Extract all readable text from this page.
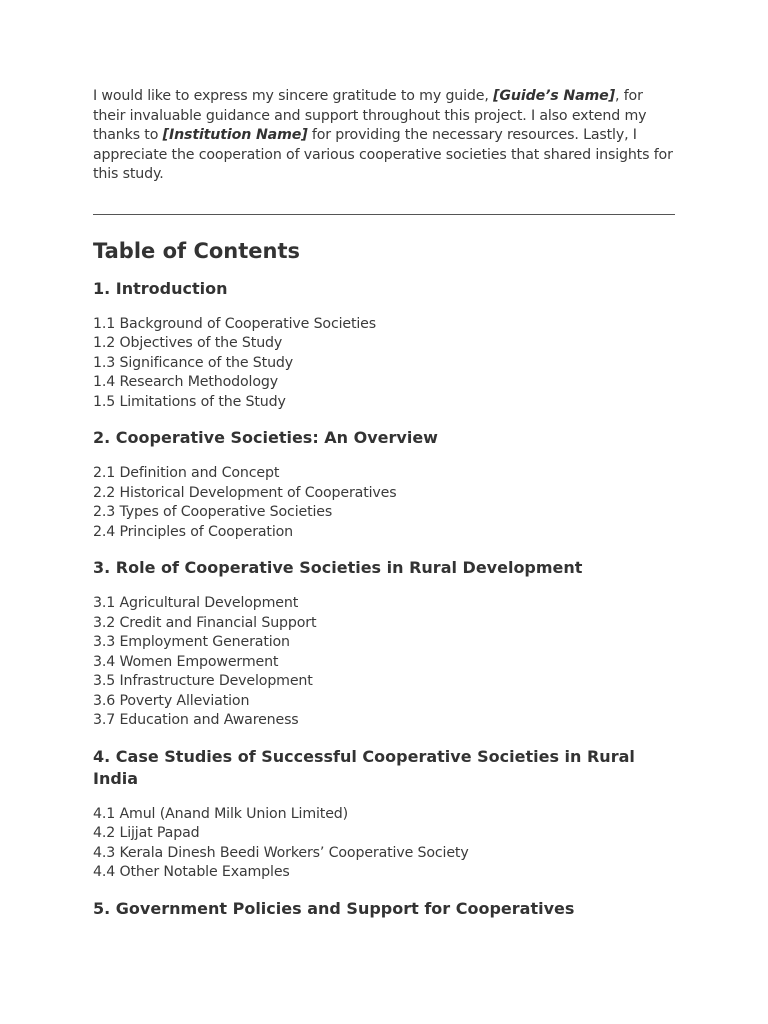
I would like to express my sincere gratitude to my guide, [Guide’s Name], for their invaluable guidance and support throughout this project. I also extend my thanks to [Institution Name] for providing the necessary resources. Lastly, I appreciate the cooperation of various cooperative societies that shared insights for this study.

Table of Contents
1. Introduction
1.1 Background of Cooperative Societies
1.2 Objectives of the Study
1.3 Significance of the Study
1.4 Research Methodology
1.5 Limitations of the Study
2. Cooperative Societies: An Overview
2.1 Definition and Concept
2.2 Historical Development of Cooperatives
2.3 Types of Cooperative Societies
2.4 Principles of Cooperation
3. Role of Cooperative Societies in Rural Development
3.1 Agricultural Development
3.2 Credit and Financial Support
3.3 Employment Generation
3.4 Women Empowerment
3.5 Infrastructure Development
3.6 Poverty Alleviation
3.7 Education and Awareness
4. Case Studies of Successful Cooperative Societies in Rural India
4.1 Amul (Anand Milk Union Limited)
4.2 Lijjat Papad
4.3 Kerala Dinesh Beedi Workers’ Cooperative Society
4.4 Other Notable Examples
5. Government Policies and Support for Cooperatives
